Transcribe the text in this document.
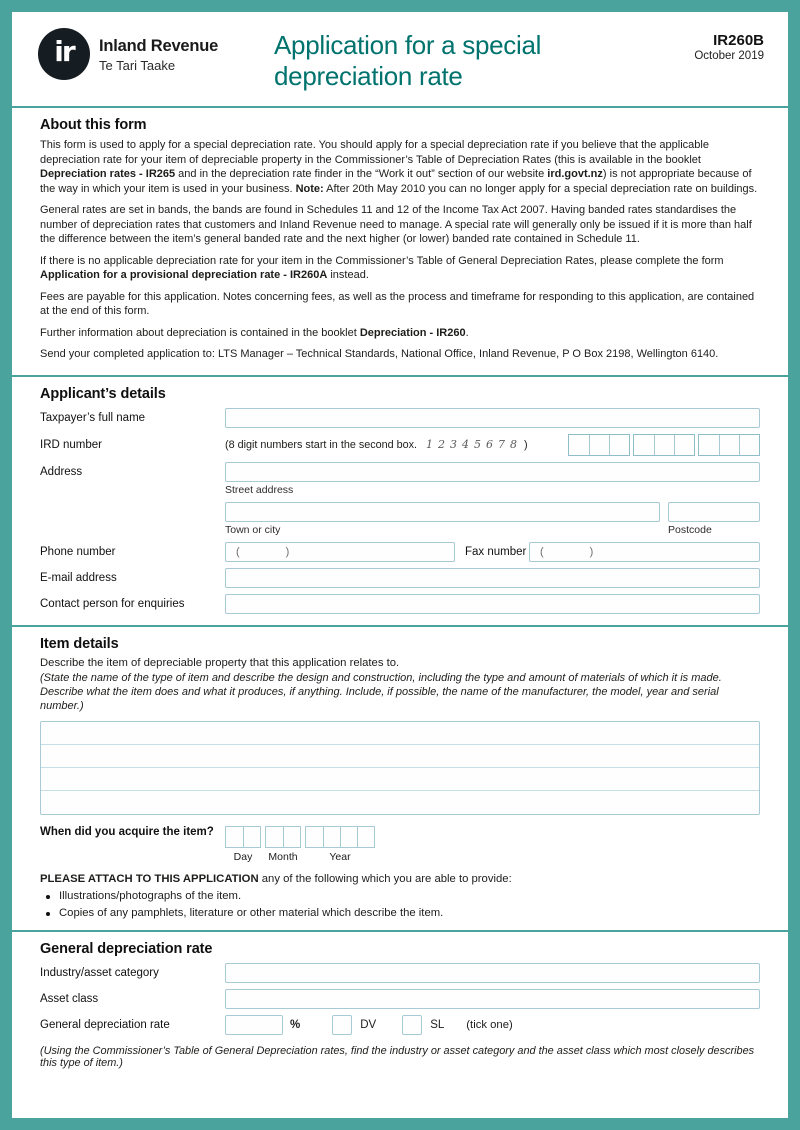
ir Inland Revenue
Te Tari Taake
Application for a special
depreciation rate
IR260B
October 2019
About this form

This form is used to apply for a special depreciation rate. You should apply for a special depreciation rate if you believe that the applicable depreciation rate for your item of depreciable property in the Commissioner’s Table of Depreciation Rates (this is available in the booklet Depreciation rates - IR265 and in the depreciation rate finder in the “Work it out” section of our website ird.govt.nz) is not appropriate because of the way in which your item is used in your business. Note: After 20th May 2010 you can no longer apply for a special depreciation rate on buildings.

General rates are set in bands, the bands are found in Schedules 11 and 12 of the Income Tax Act 2007. Having banded rates standardises the number of depreciation rates that customers and Inland Revenue need to manage. A special rate will generally only be issued if it is more than half the difference between the item’s general banded rate and the next higher (or lower) banded rate contained in Schedule 11.

If there is no applicable depreciation rate for your item in the Commissioner’s Table of General Depreciation Rates, please complete the form Application for a provisional depreciation rate - IR260A instead.

Fees are payable for this application. Notes concerning fees, as well as the process and timeframe for responding to this application, are contained at the end of this form.

Further information about depreciation is contained in the booklet Depreciation - IR260.

Send your completed application to: LTS Manager – Technical Standards, National Office, Inland Revenue, P O Box 2198, Wellington 6140.

Applicant’s details
Taxpayer’s full name
IRD number	(8 digit numbers start in the second box. 12345678 )
Address
Street address
Town or city	Postcode
Phone number	(	)	Fax number (	)
E-mail address
Contact person for enquiries
Item details
Describe the item of depreciable property that this application relates to.
(State the name of the type of item and describe the design and construction, including the type and amount of materials of which it is made. Describe what the item does and what it produces, if anything. Include, if possible, the name of the manufacturer, the model, year and serial number.)
When did you acquire the item?
Day	Month	Year
PLEASE ATTACH TO THIS APPLICATION any of the following which you are able to provide:
Illustrations/photographs of the item.
Copies of any pamphlets, literature or other material which describe the item.
General depreciation rate
Industry/asset category
Asset class
General depreciation rate	%	DV	SL (tick one)
(Using the Commissioner’s Table of General Depreciation rates, find the industry or asset category and the asset class which most closely describes this type of item.)
